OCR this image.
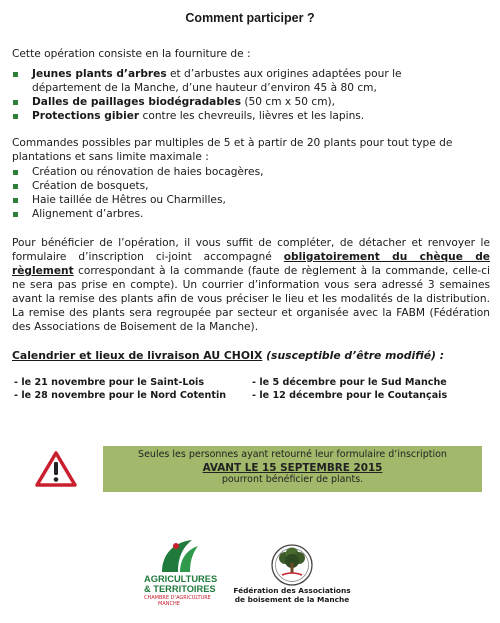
Comment participer ?

Cette opération consiste en la fourniture de :

Jeunes plants d’arbres et d’arbustes aux origines adaptées pour le
département de la Manche, d’une hauteur d’environ 45 à 80 cm,
Dalles de paillages biodégradables (50 cm x 50 cm),
Protections gibier contre les chevreuils, lièvres et les lapins.

Commandes possibles par multiples de 5 et à partir de 20 plants pour tout type de plantations et sans limite maximale :

Création ou rénovation de haies bocagères,
Création de bosquets,
Haie taillée de Hêtres ou Charmilles,
Alignement d’arbres.

Pour bénéficier de l’opération, il vous suffit de compléter, de détacher et renvoyer le formulaire d’inscription ci-joint accompagné obligatoirement du chèque de règlement correspondant à la commande (faute de règlement à la commande, celle-ci ne sera pas prise en compte). Un courrier d’information vous sera adressé 3 semaines avant la remise des plants afin de vous préciser le lieu et les modalités de la distribution. La remise des plants sera regroupée par secteur et organisée avec la FABM (Fédération des Associations de Boisement de la Manche).

Calendrier et lieux de livraison AU CHOIX (susceptible d’être modifié) :
- le 21 novembre pour le Saint-Lois
- le 28 novembre pour le Nord Cotentin
- le 5 décembre pour le Sud Manche
- le 12 décembre pour le Coutançais
Seules les personnes ayant retourné leur formulaire d’inscription
AVANT LE 15 SEPTEMBRE 2015
pourront bénéficier de plants.
AGRICULTURES
& TERRITOIRES
CHAMBRE D’AGRICULTURE
MANCHE
Fédération des Associations
de boisement de la Manche
